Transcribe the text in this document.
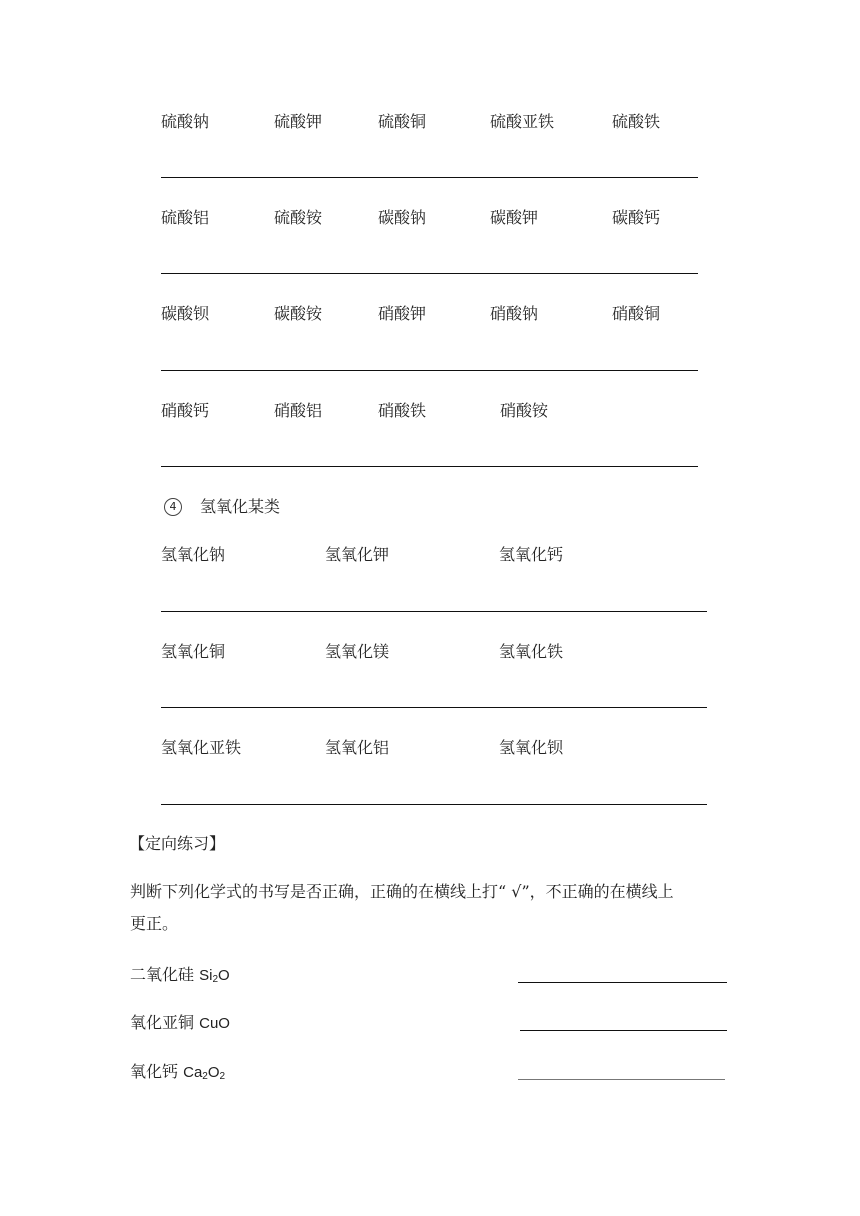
硫酸钠	硫酸钾	硫酸铜	硫酸亚铁	硫酸铁
硫酸铝	硫酸铵	碳酸钠	碳酸钾	碳酸钙
碳酸钡	碳酸铵	硝酸钾	硝酸钠	硝酸铜
硝酸钙	硝酸铝	硝酸铁	硝酸铵
4	氢氧化某类
氢氧化钠	氢氧化钾	氢氧化钙
氢氧化铜	氢氧化镁	氢氧化铁
氢氧化亚铁	氢氧化铝	氢氧化钡
【定向练习】
判断下列化学式的书写是否正确，正确的在横线上打“ √”，不正确的在横线上
更正。
二氧化硅 $Si_2O$
氧化亚铜 CuO
氧化钙 $Ca_2O_2$
